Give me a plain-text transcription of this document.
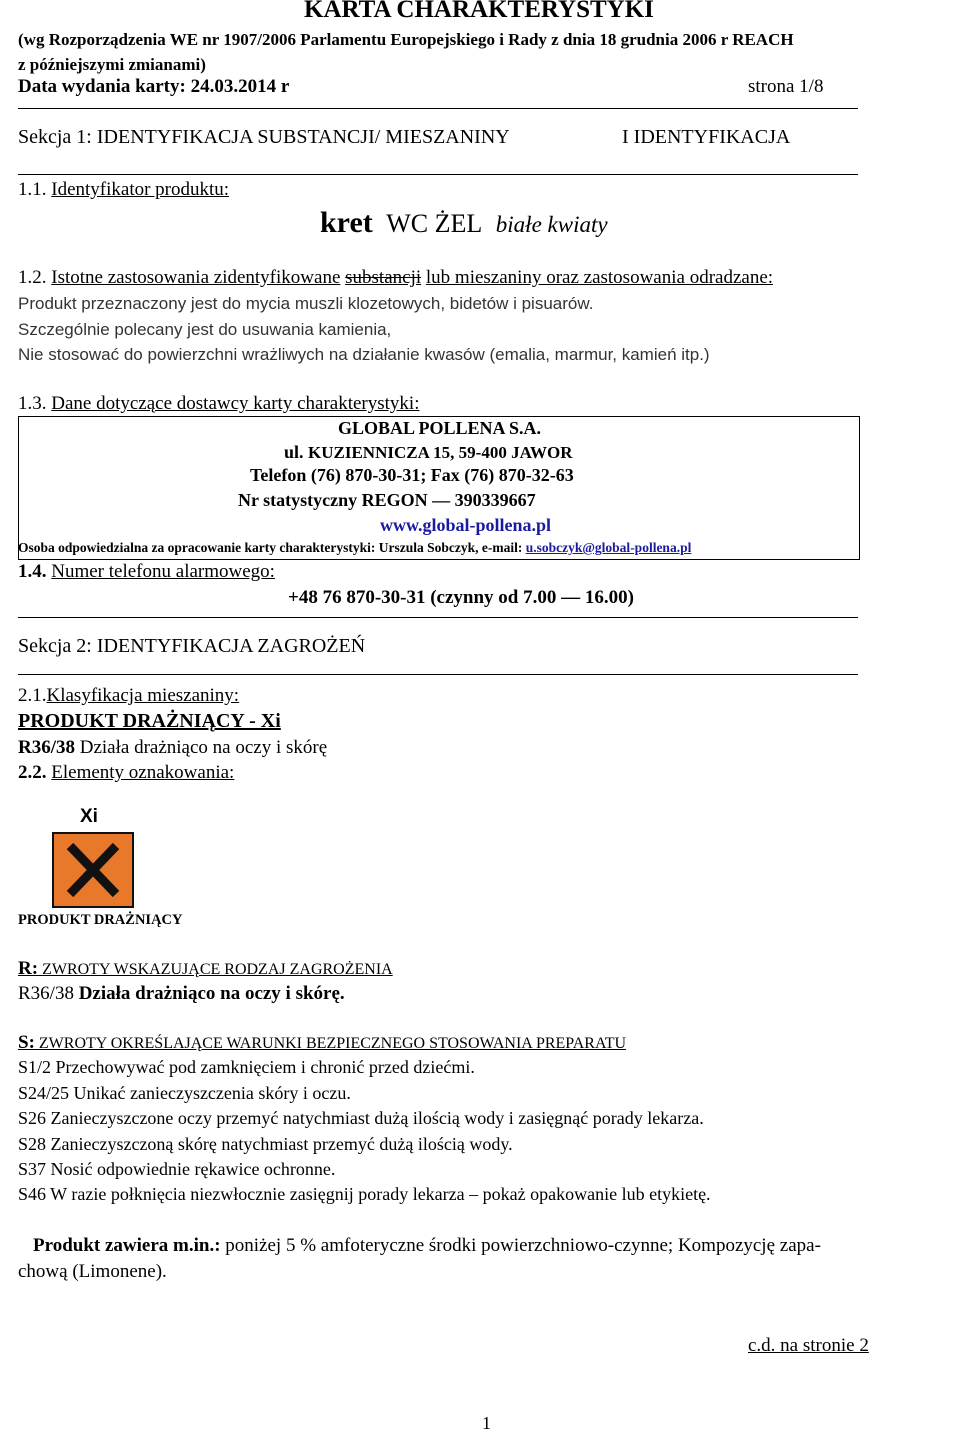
KARTA CHARAKTERYSTYKI
(wg Rozporządzenia WE nr 1907/2006 Parlamentu Europejskiego i Rady z dnia 18 grudnia 2006 r REACH
z późniejszymi zmianami)
Data wydania karty: 24.03.2014 r	strona 1/8
Sekcja 1: IDENTYFIKACJA SUBSTANCJI/ MIESZANINY	I IDENTYFIKACJA
1.1. Identyfikator produktu:
kret WC ŻEL białe kwiaty
1.2. Istotne zastosowania zidentyfikowane substancji lub mieszaniny oraz zastosowania odradzane:
Produkt przeznaczony jest do mycia muszli klozetowych, bidetów i pisuarów.
Szczególnie polecany jest do usuwania kamienia,
Nie stosować do powierzchni wrażliwych na działanie kwasów (emalia, marmur, kamień itp.)
1.3. Dane dotyczące dostawcy karty charakterystyki:
GLOBAL POLLENA S.A.
ul. KUZIENNICZA 15, 59-400 JAWOR
Telefon (76) 870-30-31; Fax (76) 870-32-63
Nr statystyczny REGON — 390339667
www.global-pollena.pl
Osoba odpowiedzialna za opracowanie karty charakterystyki: Urszula Sobczyk, e-mail: u.sobczyk@global-pollena.pl
1.4. Numer telefonu alarmowego:
+48 76 870-30-31 (czynny od 7.00 — 16.00)
Sekcja 2: IDENTYFIKACJA ZAGROŻEŃ
2.1.Klasyfikacja mieszaniny:
PRODUKT DRAŻNIĄCY - Xi
R36/38 Działa drażniąco na oczy i skórę
2.2. Elementy oznakowania:
Xi
PRODUKT DRAŻNIĄCY
R: ZWROTY WSKAZUJĄCE RODZAJ ZAGROŻENIA
R36/38 Działa drażniąco na oczy i skórę.
S: ZWROTY OKREŚLAJĄCE WARUNKI BEZPIECZNEGO STOSOWANIA PREPARATU
S1/2 Przechowywać pod zamknięciem i chronić przed dziećmi.
S24/25 Unikać zanieczyszczenia skóry i oczu.
S26 Zanieczyszczone oczy przemyć natychmiast dużą ilością wody i zasięgnąć porady lekarza.
S28 Zanieczyszczoną skórę natychmiast przemyć dużą ilością wody.
S37 Nosić odpowiednie rękawice ochronne.
S46 W razie połknięcia niezwłocznie zasięgnij porady lekarza – pokaż opakowanie lub etykietę.
Produkt zawiera m.in.: poniżej 5 % amfoteryczne środki powierzchniowo-czynne; Kompozycję zapa-
chową (Limonene).
c.d. na stronie 2
1
